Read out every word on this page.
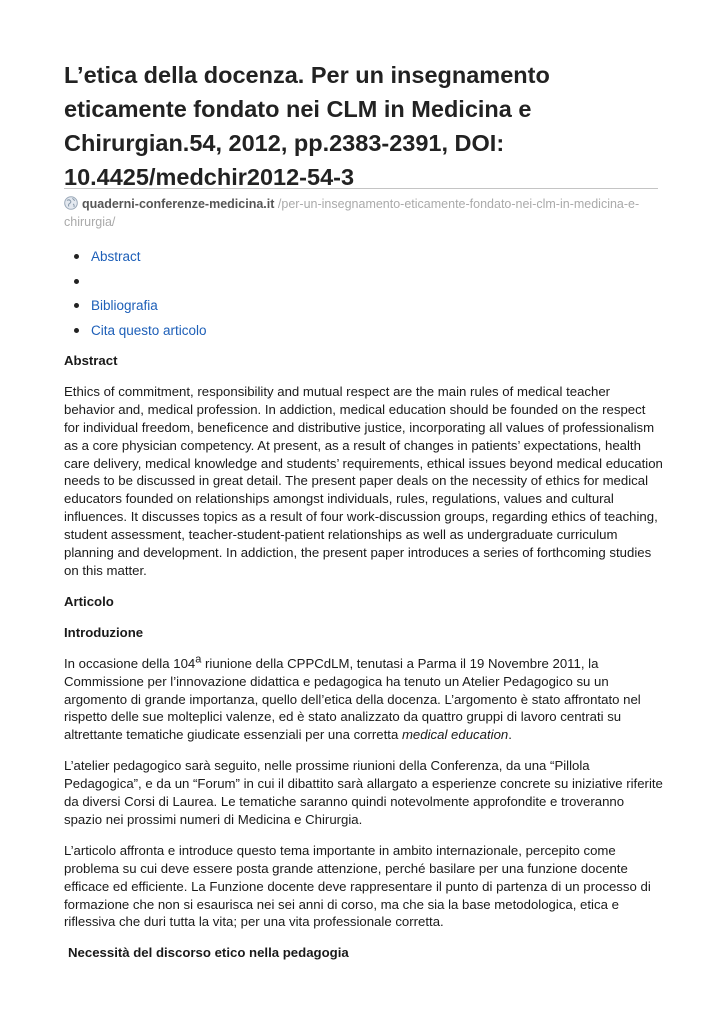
L’etica della docenza. Per un insegnamento eticamente fondato nei CLM in Medicina e Chirurgian.54, 2012, pp.2383-2391, DOI: 10.4425/medchir2012-54-3
quaderni-conferenze-medicina.it /per-un-insegnamento-eticamente-fondato-nei-clm-in-medicina-e-chirurgia/
Abstract
Bibliografia
Cita questo articolo
Abstract

Ethics of commitment, responsibility and mutual respect are the main rules of medical teacher behavior and, medical profession. In addiction, medical education should be founded on the respect for individual freedom, beneficence and distributive justice, incorporating all values of professionalism as a core physician competency. At present, as a result of changes in patients’ expectations, health care delivery, medical knowledge and students’ requirements, ethical issues beyond medical education needs to be discussed in great detail. The present paper deals on the necessity of ethics for medical educators founded on relationships amongst individuals, rules, regulations, values and cultural influences. It discusses topics as a result of four work-discussion groups, regarding ethics of teaching, student assessment, teacher-student-patient relationships as well as undergraduate curriculum planning and development. In addiction, the present paper introduces a series of forthcoming studies on this matter.

Articolo
Introduzione

In occasione della 104$^a$ riunione della CPPCdLM, tenutasi a Parma il 19 Novembre 2011, la Commissione per l’innovazione didattica e pedagogica ha tenuto un Atelier Pedagogico su un argomento di grande importanza, quello dell’etica della docenza. L’argomento è stato affrontato nel rispetto delle sue molteplici valenze, ed è stato analizzato da quattro gruppi di lavoro centrati su altrettante tematiche giudicate essenziali per una corretta medical education.

L’atelier pedagogico sarà seguito, nelle prossime riunioni della Conferenza, da una “Pillola Pedagogica”, e da un “Forum” in cui il dibattito sarà allargato a esperienze concrete su iniziative riferite da diversi Corsi di Laurea. Le tematiche saranno quindi notevolmente approfondite e troveranno spazio nei prossimi numeri di Medicina e Chirurgia.

L’articolo affronta e introduce questo tema importante in ambito internazionale, percepito come problema su cui deve essere posta grande attenzione, perché basilare per una funzione docente efficace ed efficiente. La Funzione docente deve rappresentare il punto di partenza di un processo di formazione che non si esaurisca nei sei anni di corso, ma che sia la base metodologica, etica e riflessiva che duri tutta la vita; per una vita professionale corretta.

Necessità del discorso etico nella pedagogia
